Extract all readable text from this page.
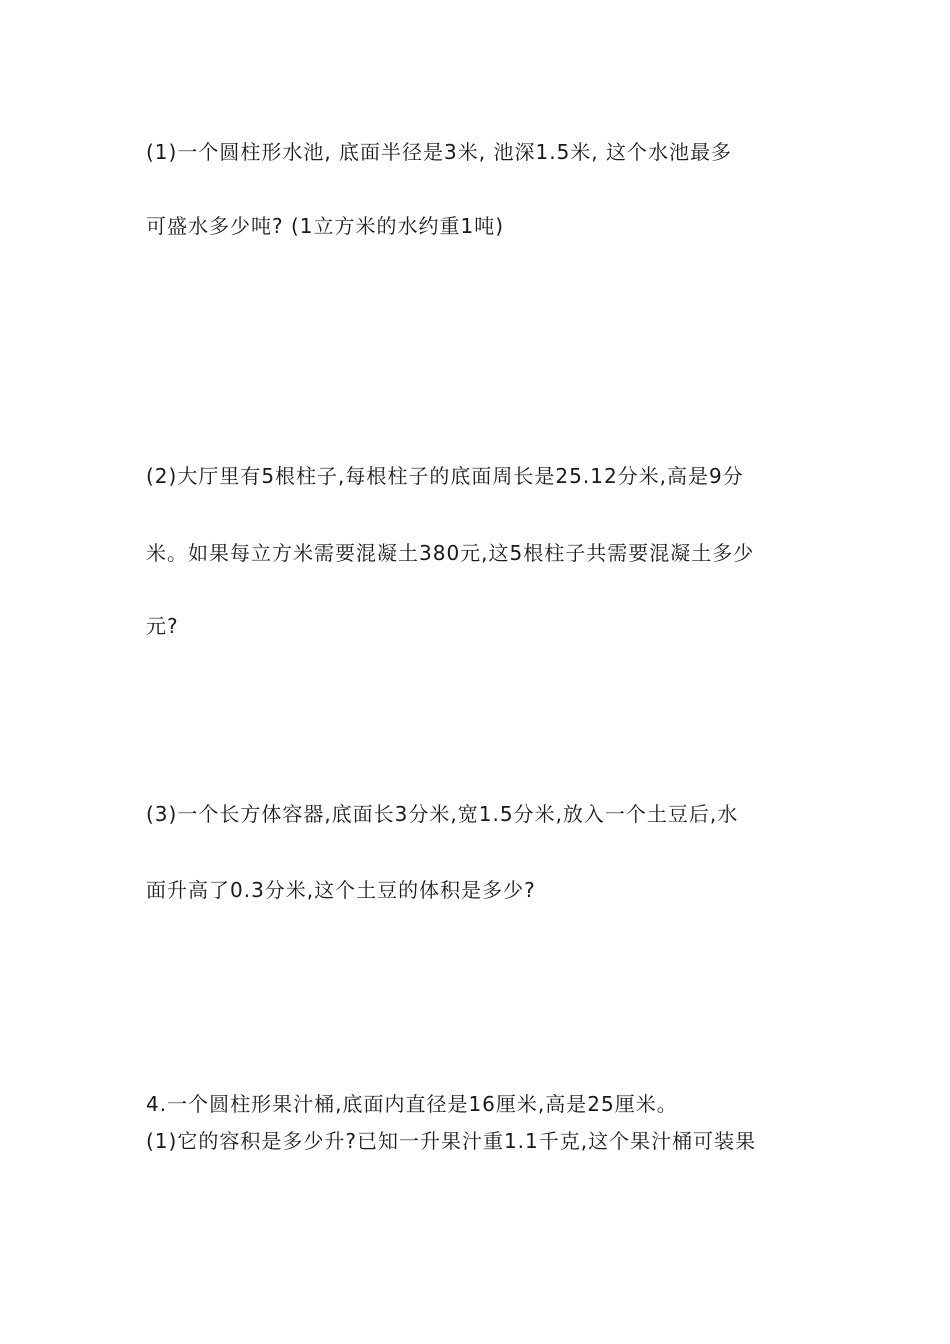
(1)一个圆柱形水池, 底面半径是3米, 池深1.5米, 这个水池最多
可盛水多少吨? (1立方米的水约重1吨)
(2)大厅里有5根柱子,每根柱子的底面周长是25.12分米,高是9分
米。如果每立方米需要混凝土380元,这5根柱子共需要混凝土多少
元?
(3)一个长方体容器,底面长3分米,宽1.5分米,放入一个土豆后,水
面升高了0.3分米,这个土豆的体积是多少?
4.一个圆柱形果汁桶,底面内直径是16厘米,高是25厘米。
(1)它的容积是多少升?已知一升果汁重1.1千克,这个果汁桶可装果
